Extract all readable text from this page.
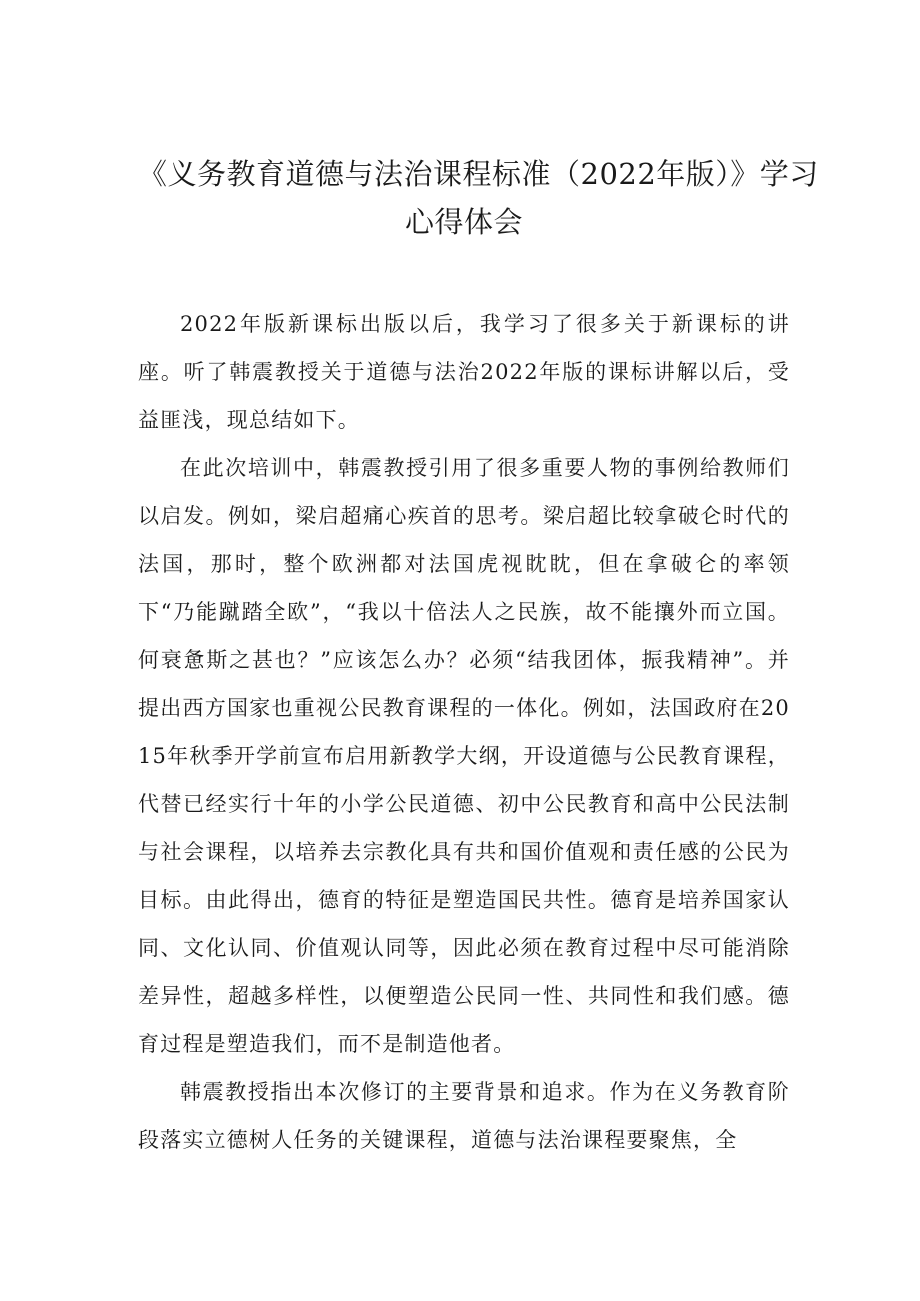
《义务教育道德与法治课程标准（2022年版）》学习
心得体会

2022年版新课标出版以后，我学习了很多关于新课标的讲座。听了韩震教授关于道德与法治2022年版的课标讲解以后，受益匪浅，现总结如下。

在此次培训中，韩震教授引用了很多重要人物的事例给教师们以启发。例如，梁启超痛心疾首的思考。梁启超比较拿破仑时代的法国，那时，整个欧洲都对法国虎视眈眈，但在拿破仑的率领下“乃能蹴踏全欧”，“我以十倍法人之民族，故不能攘外而立国。何衰惫斯之甚也？”应该怎么办？必须“结我团体，振我精神”。并提出西方国家也重视公民教育课程的一体化。例如，法国政府在2015年秋季开学前宣布启用新教学大纲，开设道德与公民教育课程，代替已经实行十年的小学公民道德、初中公民教育和高中公民法制与社会课程，以培养去宗教化具有共和国价值观和责任感的公民为目标。由此得出，德育的特征是塑造国民共性。德育是培养国家认同、文化认同、价值观认同等，因此必须在教育过程中尽可能消除差异性，超越多样性，以便塑造公民同一性、共同性和我们感。德育过程是塑造我们，而不是制造他者。

韩震教授指出本次修订的主要背景和追求。作为在义务教育阶段落实立德树人任务的关键课程，道德与法治课程要聚焦，全
